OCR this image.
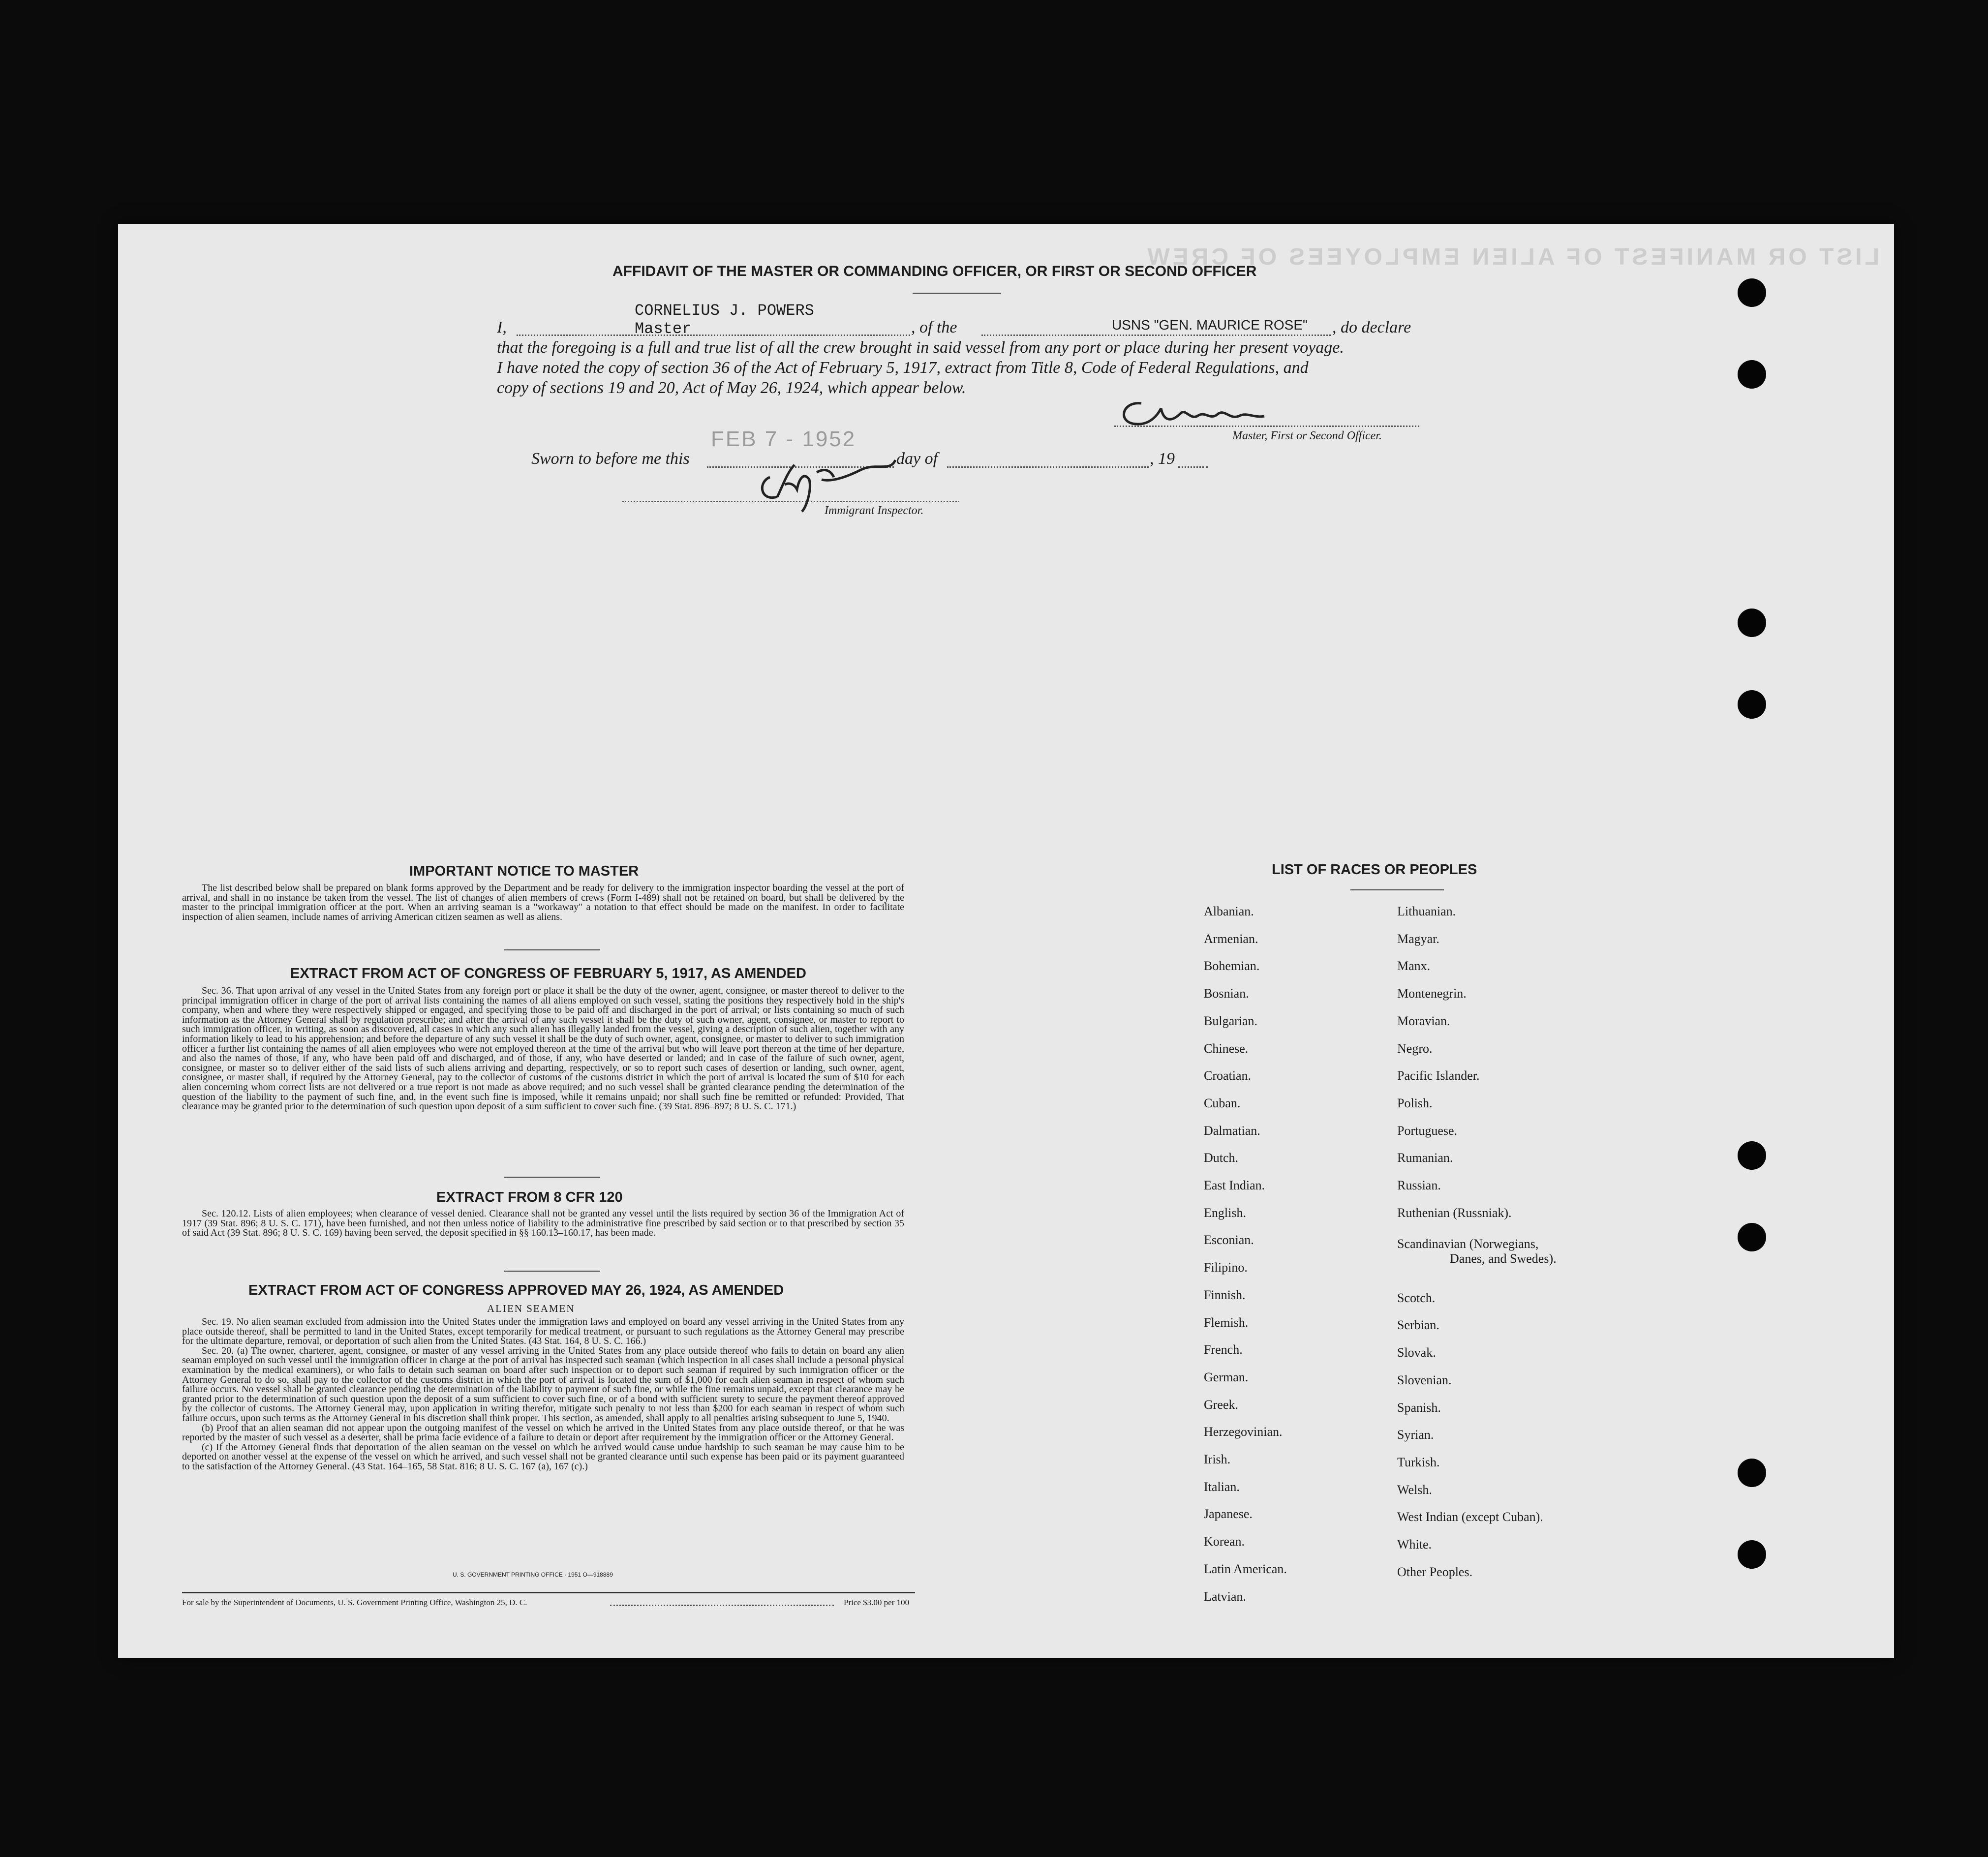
LIST OR MANIFEST OF ALIEN EMPLOYEES OF CREW
AFFIDAVIT OF THE MASTER OR COMMANDING OFFICER, OR FIRST OR SECOND OFFICER
CORNELIUS J. POWERS
I,	Master	, of the	USNS "GEN. MAURICE ROSE" , do declare
that the foregoing is a full and true list of all the crew brought in said vessel from any port or place during her present voyage.
I have noted the copy of section 36 of the Act of February 5, 1917, extract from Title 8, Code of Federal Regulations, and
copy of sections 19 and 20, Act of May 26, 1924, which appear below.
Master, First or Second Officer.
Sworn to before me this
FEB 7 - 1952
day of	, 19
Immigrant Inspector.
IMPORTANT NOTICE TO MASTER
The list described below shall be prepared on blank forms approved by the Department and be ready for delivery to the immigration inspector boarding the vessel at the port of arrival, and shall in no instance be taken from the vessel. The list of changes of alien members of crews (Form I-489) shall not be retained on board, but shall be delivered by the master to the principal immigration officer at the port. When an arriving seaman is a "workaway" a notation to that effect should be made on the manifest. In order to facilitate inspection of alien seamen, include names of arriving American citizen seamen as well as aliens.
EXTRACT FROM ACT OF CONGRESS OF FEBRUARY 5, 1917, AS AMENDED
Sec. 36. That upon arrival of any vessel in the United States from any foreign port or place it shall be the duty of the owner, agent, consignee, or master thereof to deliver to the principal immigration officer in charge of the port of arrival lists containing the names of all aliens employed on such vessel, stating the positions they respectively hold in the ship's company, when and where they were respectively shipped or engaged, and specifying those to be paid off and discharged in the port of arrival; or lists containing so much of such information as the Attorney General shall by regulation prescribe; and after the arrival of any such vessel it shall be the duty of such owner, agent, consignee, or master to report to such immigration officer, in writing, as soon as discovered, all cases in which any such alien has illegally landed from the vessel, giving a description of such alien, together with any information likely to lead to his apprehension; and before the departure of any such vessel it shall be the duty of such owner, agent, consignee, or master to deliver to such immigration officer a further list containing the names of all alien employees who were not employed thereon at the time of the arrival but who will leave port thereon at the time of her departure, and also the names of those, if any, who have been paid off and discharged, and of those, if any, who have deserted or landed; and in case of the failure of such owner, agent, consignee, or master so to deliver either of the said lists of such aliens arriving and departing, respectively, or so to report such cases of desertion or landing, such owner, agent, consignee, or master shall, if required by the Attorney General, pay to the collector of customs of the customs district in which the port of arrival is located the sum of $10 for each alien concerning whom correct lists are not delivered or a true report is not made as above required; and no such vessel shall be granted clearance pending the determination of the question of the liability to the payment of such fine, and, in the event such fine is imposed, while it remains unpaid; nor shall such fine be remitted or refunded: Provided, That clearance may be granted prior to the determination of such question upon deposit of a sum sufficient to cover such fine. (39 Stat. 896–897; 8 U. S. C. 171.)
EXTRACT FROM 8 CFR 120
Sec. 120.12. Lists of alien employees; when clearance of vessel denied. Clearance shall not be granted any vessel until the lists required by section 36 of the Immigration Act of 1917 (39 Stat. 896; 8 U. S. C. 171), have been furnished, and not then unless notice of liability to the administrative fine prescribed by said section or to that prescribed by section 35 of said Act (39 Stat. 896; 8 U. S. C. 169) having been served, the deposit specified in §§ 160.13–160.17, has been made.
EXTRACT FROM ACT OF CONGRESS APPROVED MAY 26, 1924, AS AMENDED
ALIEN SEAMEN

Sec. 19. No alien seaman excluded from admission into the United States under the immigration laws and employed on board any vessel arriving in the United States from any place outside thereof, shall be permitted to land in the United States, except temporarily for medical treatment, or pursuant to such regulations as the Attorney General may prescribe for the ultimate departure, removal, or deportation of such alien from the United States. (43 Stat. 164, 8 U. S. C. 166.)

Sec. 20. (a) The owner, charterer, agent, consignee, or master of any vessel arriving in the United States from any place outside thereof who fails to detain on board any alien seaman employed on such vessel until the immigration officer in charge at the port of arrival has inspected such seaman (which inspection in all cases shall include a personal physical examination by the medical examiners), or who fails to detain such seaman on board after such inspection or to deport such seaman if required by such immigration officer or the Attorney General to do so, shall pay to the collector of the customs district in which the port of arrival is located the sum of $1,000 for each alien seaman in respect of whom such failure occurs. No vessel shall be granted clearance pending the determination of the liability to payment of such fine, or while the fine remains unpaid, except that clearance may be granted prior to the determination of such question upon the deposit of a sum sufficient to cover such fine, or of a bond with sufficient surety to secure the payment thereof approved by the collector of customs. The Attorney General may, upon application in writing therefor, mitigate such penalty to not less than $200 for each seaman in respect of whom such failure occurs, upon such terms as the Attorney General in his discretion shall think proper. This section, as amended, shall apply to all penalties arising subsequent to June 5, 1940.

(b) Proof that an alien seaman did not appear upon the outgoing manifest of the vessel on which he arrived in the United States from any place outside thereof, or that he was reported by the master of such vessel as a deserter, shall be prima facie evidence of a failure to detain or deport after requirement by the immigration officer or the Attorney General.

(c) If the Attorney General finds that deportation of the alien seaman on the vessel on which he arrived would cause undue hardship to such seaman he may cause him to be deported on another vessel at the expense of the vessel on which he arrived, and such vessel shall not be granted clearance until such expense has been paid or its payment guaranteed to the satisfaction of the Attorney General. (43 Stat. 164–165, 58 Stat. 816; 8 U. S. C. 167 (a), 167 (c).)

U. S. GOVERNMENT PRINTING OFFICE · 1951 O—918889
For sale by the Superintendent of Documents, U. S. Government Printing Office, Washington 25, D. C.	Price $3.00 per 100
LIST OF RACES OR PEOPLES
Albanian.
Armenian.
Bohemian.
Bosnian.
Bulgarian.
Chinese.
Croatian.
Cuban.
Dalmatian.
Dutch.
East Indian.
English.
Esconian.
Filipino.
Finnish.
Flemish.
French.
German.
Greek.
Herzegovinian.
Irish.
Italian.
Japanese.
Korean.
Latin American.
Latvian.
Lithuanian.
Magyar.
Manx.
Montenegrin.
Moravian.
Negro.
Pacific Islander.
Polish.
Portuguese.
Rumanian.
Russian.
Ruthenian (Russniak).
Scandinavian (Norwegians,
Danes, and Swedes).
Scotch.
Serbian.
Slovak.
Slovenian.
Spanish.
Syrian.
Turkish.
Welsh.
West Indian (except Cuban).
White.
Other Peoples.
